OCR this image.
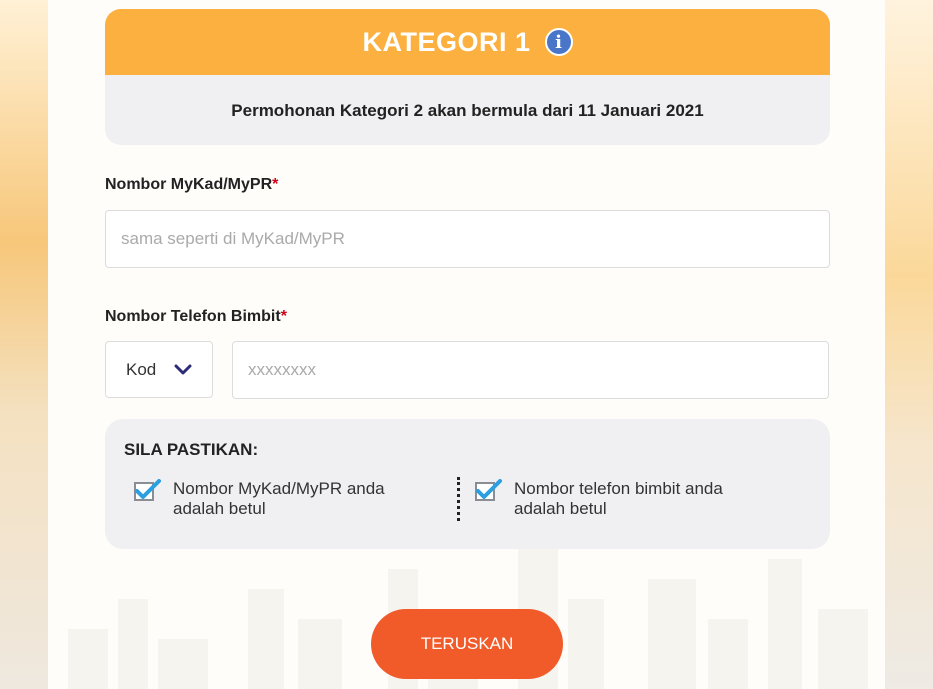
KATEGORI 1	i
Permohonan Kategori 2 akan bermula dari 11 Januari 2021
Nombor MyKad/MyPR*
sama seperti di MyKad/MyPR
Nombor Telefon Bimbit*
Kod
xxxxxxxx
SILA PASTIKAN:
Nombor MyKad/MyPR anda adalah betul
Nombor telefon bimbit anda adalah betul
TERUSKAN
